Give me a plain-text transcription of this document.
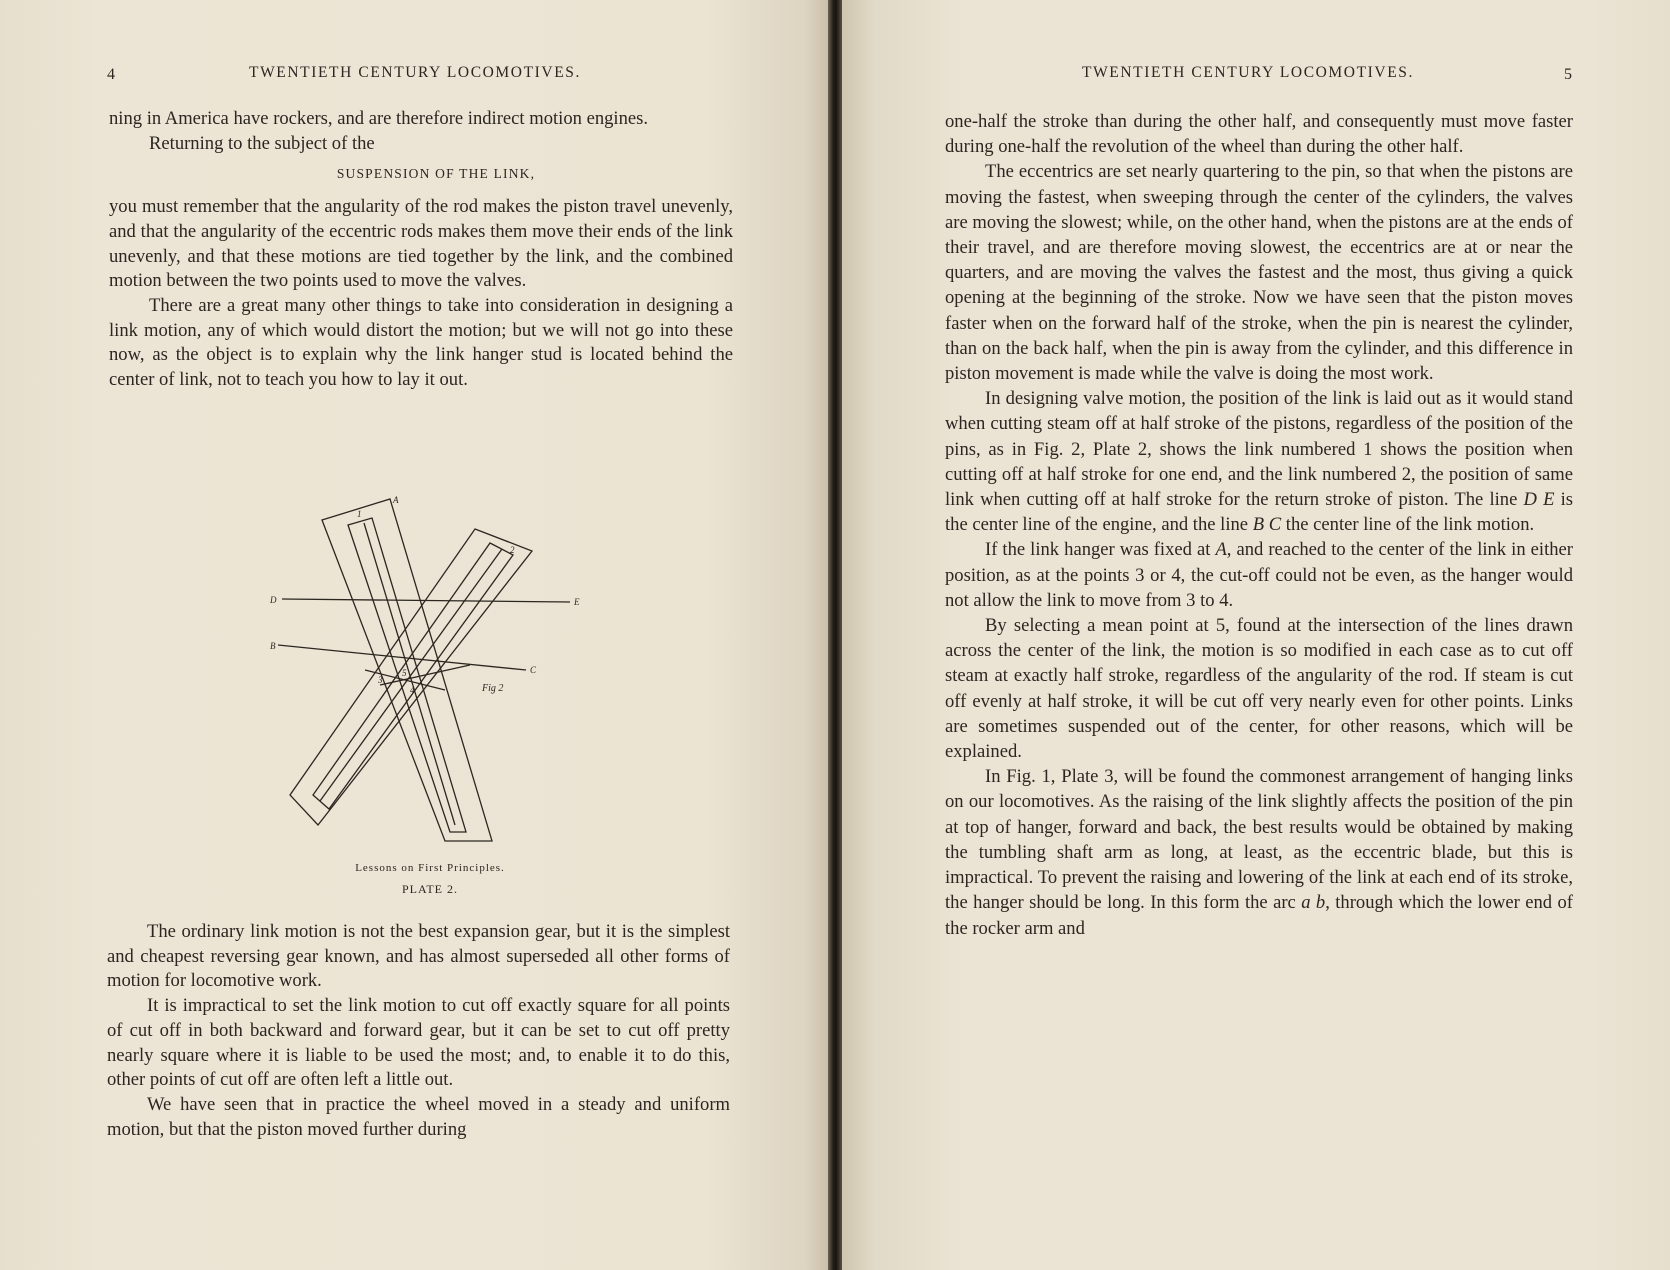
4	TWENTIETH CENTURY LOCOMOTIVES.

ning in America have rockers, and are therefore indirect motion engines.

Returning to the subject of the

SUSPENSION OF THE LINK,

you must remember that the angularity of the rod makes the piston travel unevenly, and that the angularity of the eccentric rods makes them move their ends of the link unevenly, and that these motions are tied together by the link, and the combined motion between the two points used to move the valves.

There are a great many other things to take into consideration in designing a link motion, any of which would distort the motion; but we will not go into these now, as the object is to explain why the link hanger stud is located behind the center of link, not to teach you how to lay it out.

A
1
2
D	E
B
C
3
5
4	Fig 2
Lessons on First Principles.
PLATE 2.

The ordinary link motion is not the best expansion gear, but it is the simplest and cheapest reversing gear known, and has almost superseded all other forms of motion for locomotive work.

It is impractical to set the link motion to cut off exactly square for all points of cut off in both backward and forward gear, but it can be set to cut off pretty nearly square where it is liable to be used the most; and, to enable it to do this, other points of cut off are often left a little out.

We have seen that in practice the wheel moved in a steady and uniform motion, but that the piston moved further during

TWENTIETH CENTURY LOCOMOTIVES.	5

one-half the stroke than during the other half, and consequently must move faster during one-half the revolution of the wheel than during the other half.

The eccentrics are set nearly quartering to the pin, so that when the pistons are moving the fastest, when sweeping through the center of the cylinders, the valves are moving the slowest; while, on the other hand, when the pistons are at the ends of their travel, and are therefore moving slowest, the eccentrics are at or near the quarters, and are moving the valves the fastest and the most, thus giving a quick opening at the beginning of the stroke. Now we have seen that the piston moves faster when on the forward half of the stroke, when the pin is nearest the cylinder, than on the back half, when the pin is away from the cylinder, and this difference in piston movement is made while the valve is doing the most work.

In designing valve motion, the position of the link is laid out as it would stand when cutting steam off at half stroke of the pistons, regardless of the position of the pins, as in Fig. 2, Plate 2, shows the link numbered 1 shows the position when cutting off at half stroke for one end, and the link numbered 2, the position of same link when cutting off at half stroke for the return stroke of piston. The line D E is the center line of the engine, and the line B C the center line of the link motion.

If the link hanger was fixed at A, and reached to the center of the link in either position, as at the points 3 or 4, the cut-off could not be even, as the hanger would not allow the link to move from 3 to 4.

By selecting a mean point at 5, found at the intersection of the lines drawn across the center of the link, the motion is so modified in each case as to cut off steam at exactly half stroke, regardless of the angularity of the rod. If steam is cut off evenly at half stroke, it will be cut off very nearly even for other points. Links are sometimes suspended out of the center, for other reasons, which will be explained.

In Fig. 1, Plate 3, will be found the commonest arrangement of hanging links on our locomotives. As the raising of the link slightly affects the position of the pin at top of hanger, forward and back, the best results would be obtained by making the tumbling shaft arm as long, at least, as the eccentric blade, but this is impractical. To prevent the raising and lowering of the link at each end of its stroke, the hanger should be long. In this form the arc a b, through which the lower end of the rocker arm and
